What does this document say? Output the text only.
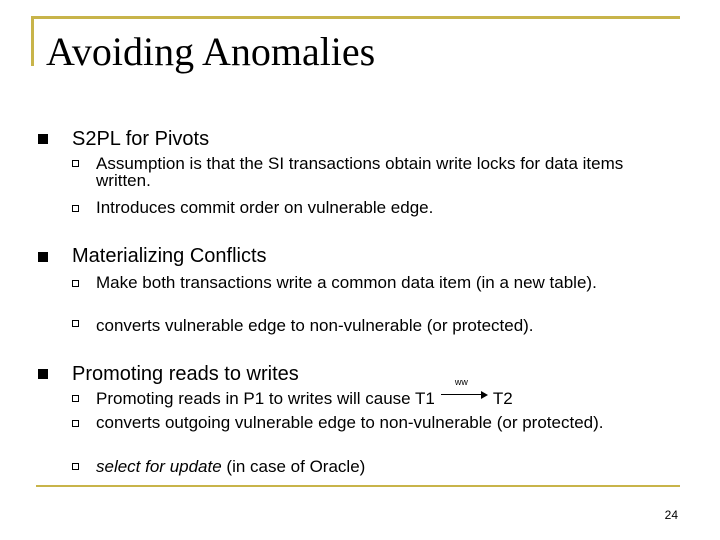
Avoiding Anomalies
S2PL for Pivots
Assumption is that the SI transactions obtain write locks for data items written.
Introduces commit order on vulnerable edge.
Materializing Conflicts
Make both transactions write a common data item (in a new table).
converts vulnerable edge to non-vulnerable (or protected).
Promoting reads to writes
Promoting reads in P1 to writes will cause T1
ww
T2
converts outgoing vulnerable edge to non-vulnerable (or protected).
select for update (in case of Oracle)
24
